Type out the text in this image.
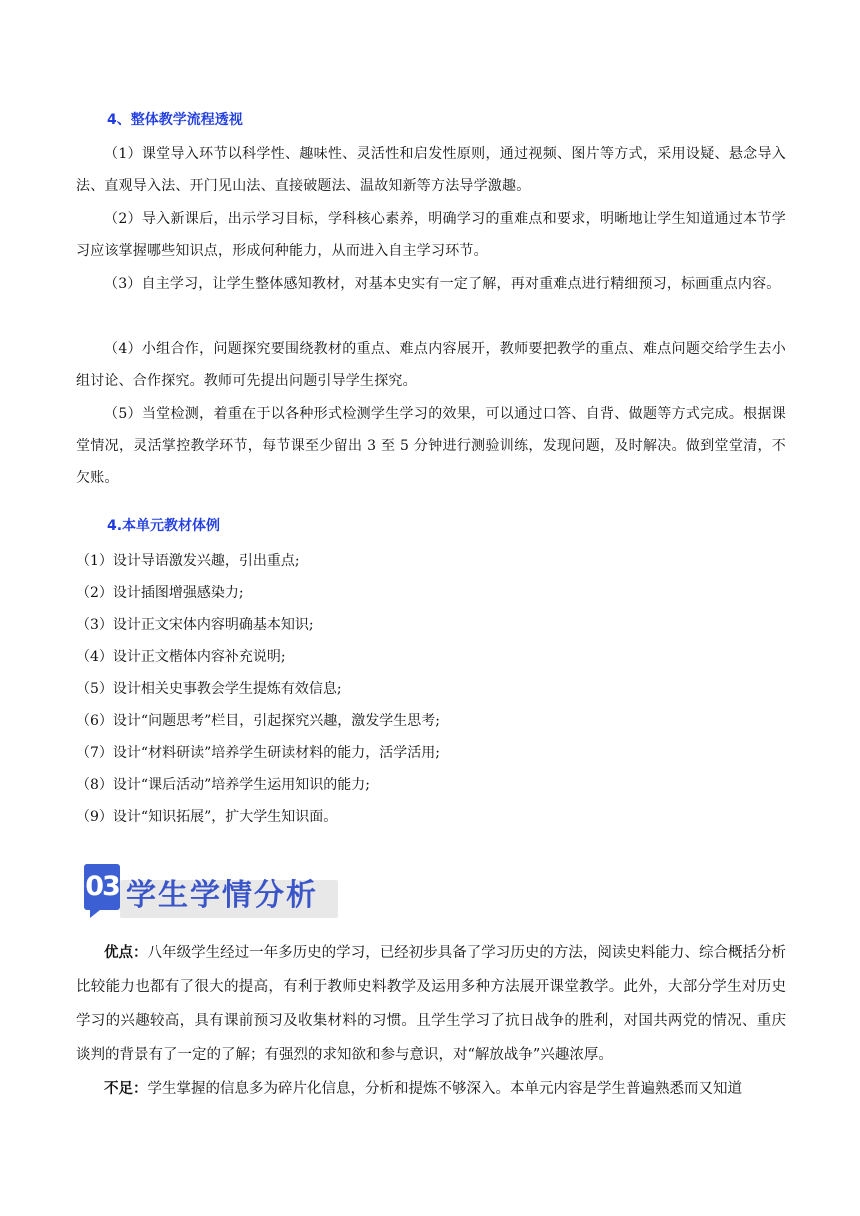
4、整体教学流程透视
（1）课堂导入环节以科学性、趣味性、灵活性和启发性原则，通过视频、图片等方式，采用设疑、悬念导入法、直观导入法、开门见山法、直接破题法、温故知新等方法导学激趣。
（2）导入新课后，出示学习目标，学科核心素养，明确学习的重难点和要求，明晰地让学生知道通过本节学习应该掌握哪些知识点，形成何种能力，从而进入自主学习环节。
（3）自主学习，让学生整体感知教材，对基本史实有一定了解，再对重难点进行精细预习，标画重点内容。
（4）小组合作，问题探究要围绕教材的重点、难点内容展开，教师要把教学的重点、难点问题交给学生去小组讨论、合作探究。教师可先提出问题引导学生探究。
（5）当堂检测，着重在于以各种形式检测学生学习的效果，可以通过口答、自背、做题等方式完成。根据课堂情况，灵活掌控教学环节，每节课至少留出 3 至 5 分钟进行测验训练，发现问题，及时解决。做到堂堂清，不欠账。
4.本单元教材体例
（1）设计导语激发兴趣，引出重点;
（2）设计插图增强感染力;
（3）设计正文宋体内容明确基本知识;
（4）设计正文楷体内容补充说明;
（5）设计相关史事教会学生提炼有效信息;
（6）设计“问题思考”栏目，引起探究兴趣，激发学生思考;
（7）设计“材料研读”培养学生研读材料的能力，活学活用;
（8）设计“课后活动”培养学生运用知识的能力;
（9）设计“知识拓展”，扩大学生知识面。
03 学生学情分析
优点：八年级学生经过一年多历史的学习，已经初步具备了学习历史的方法，阅读史料能力、综合概括分析比较能力也都有了很大的提高，有利于教师史料教学及运用多种方法展开课堂教学。此外，大部分学生对历史学习的兴趣较高，具有课前预习及收集材料的习惯。且学生学习了抗日战争的胜利，对国共两党的情况、重庆谈判的背景有了一定的了解；有强烈的求知欲和参与意识，对“解放战争”兴趣浓厚。
不足：学生掌握的信息多为碎片化信息，分析和提炼不够深入。本单元内容是学生普遍熟悉而又知道
